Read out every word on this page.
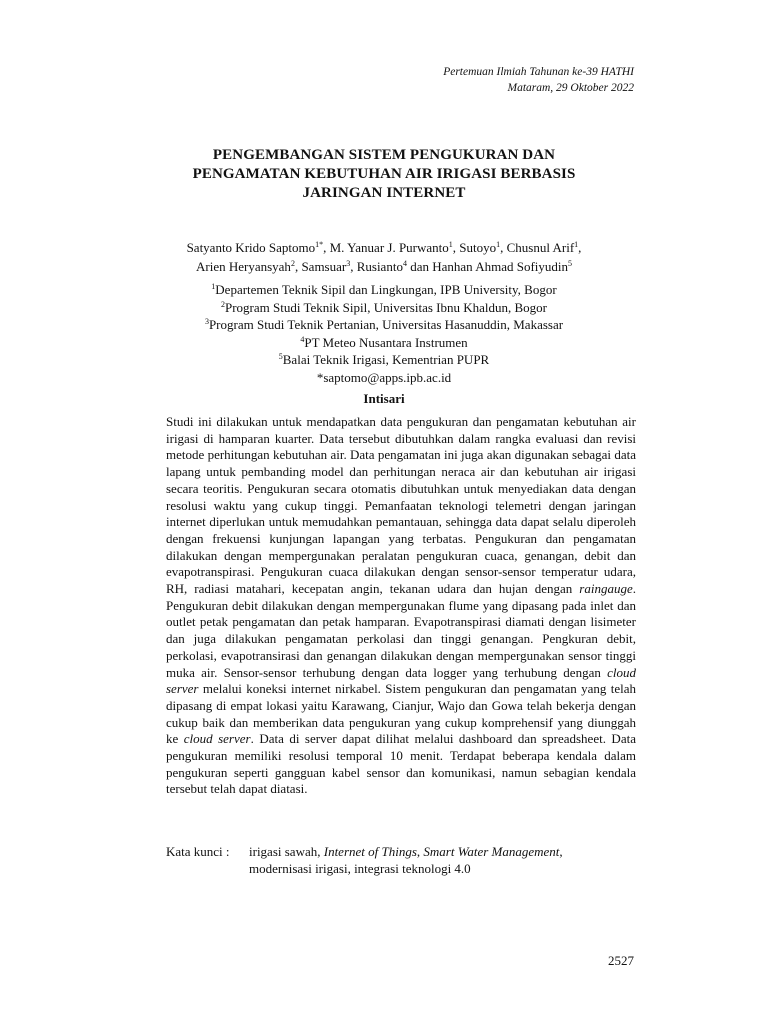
Pertemuan Ilmiah Tahunan ke-39 HATHI
Mataram, 29 Oktober 2022
PENGEMBANGAN SISTEM PENGUKURAN DAN
PENGAMATAN KEBUTUHAN AIR IRIGASI BERBASIS
JARINGAN INTERNET
Satyanto Krido Saptomo$^{1*}$, M. Yanuar J. Purwanto$^1$, Sutoyo$^1$, Chusnul Arif$^1$,
Arien Heryansyah$^2$, Samsuar$^3$, Rusianto$^4$ dan Hanhan Ahmad Sofiyudin$^5$
$^1$Departemen Teknik Sipil dan Lingkungan, IPB University, Bogor
$^2$Program Studi Teknik Sipil, Universitas Ibnu Khaldun, Bogor
$^3$Program Studi Teknik Pertanian, Universitas Hasanuddin, Makassar
$^4$PT Meteo Nusantara Instrumen
$^5$Balai Teknik Irigasi, Kementrian PUPR
*saptomo@apps.ipb.ac.id
Intisari
Studi ini dilakukan untuk mendapatkan data pengukuran dan pengamatan kebutuhan air irigasi di hamparan kuarter. Data tersebut dibutuhkan dalam rangka evaluasi dan revisi metode perhitungan kebutuhan air. Data pengamatan ini juga akan digunakan sebagai data lapang untuk pembanding model dan perhitungan neraca air dan kebutuhan air irigasi secara teoritis. Pengukuran secara otomatis dibutuhkan untuk menyediakan data dengan resolusi waktu yang cukup tinggi. Pemanfaatan teknologi telemetri dengan jaringan internet diperlukan untuk memudahkan pemantauan, sehingga data dapat selalu diperoleh dengan frekuensi kunjungan lapangan yang terbatas. Pengukuran dan pengamatan dilakukan dengan mempergunakan peralatan pengukuran cuaca, genangan, debit dan evapotranspirasi. Pengukuran cuaca dilakukan dengan sensor-sensor temperatur udara, RH, radiasi matahari, kecepatan angin, tekanan udara dan hujan dengan raingauge. Pengukuran debit dilakukan dengan mempergunakan flume yang dipasang pada inlet dan outlet petak pengamatan dan petak hamparan. Evapotranspirasi diamati dengan lisimeter dan juga dilakukan pengamatan perkolasi dan tinggi genangan. Pengkuran debit, perkolasi, evapotransirasi dan genangan dilakukan dengan mempergunakan sensor tinggi muka air. Sensor-sensor terhubung dengan data logger yang terhubung dengan cloud server melalui koneksi internet nirkabel. Sistem pengukuran dan pengamatan yang telah dipasang di empat lokasi yaitu Karawang, Cianjur, Wajo dan Gowa telah bekerja dengan cukup baik dan memberikan data pengukuran yang cukup komprehensif yang diunggah ke cloud server. Data di server dapat dilihat melalui dashboard dan spreadsheet. Data pengukuran memiliki resolusi temporal 10 menit. Terdapat beberapa kendala dalam pengukuran seperti gangguan kabel sensor dan komunikasi, namun sebagian kendala tersebut telah dapat diatasi.
Kata kunci :	irigasi sawah, Internet of Things, Smart Water Management,
modernisasi irigasi, integrasi teknologi 4.0
2527
